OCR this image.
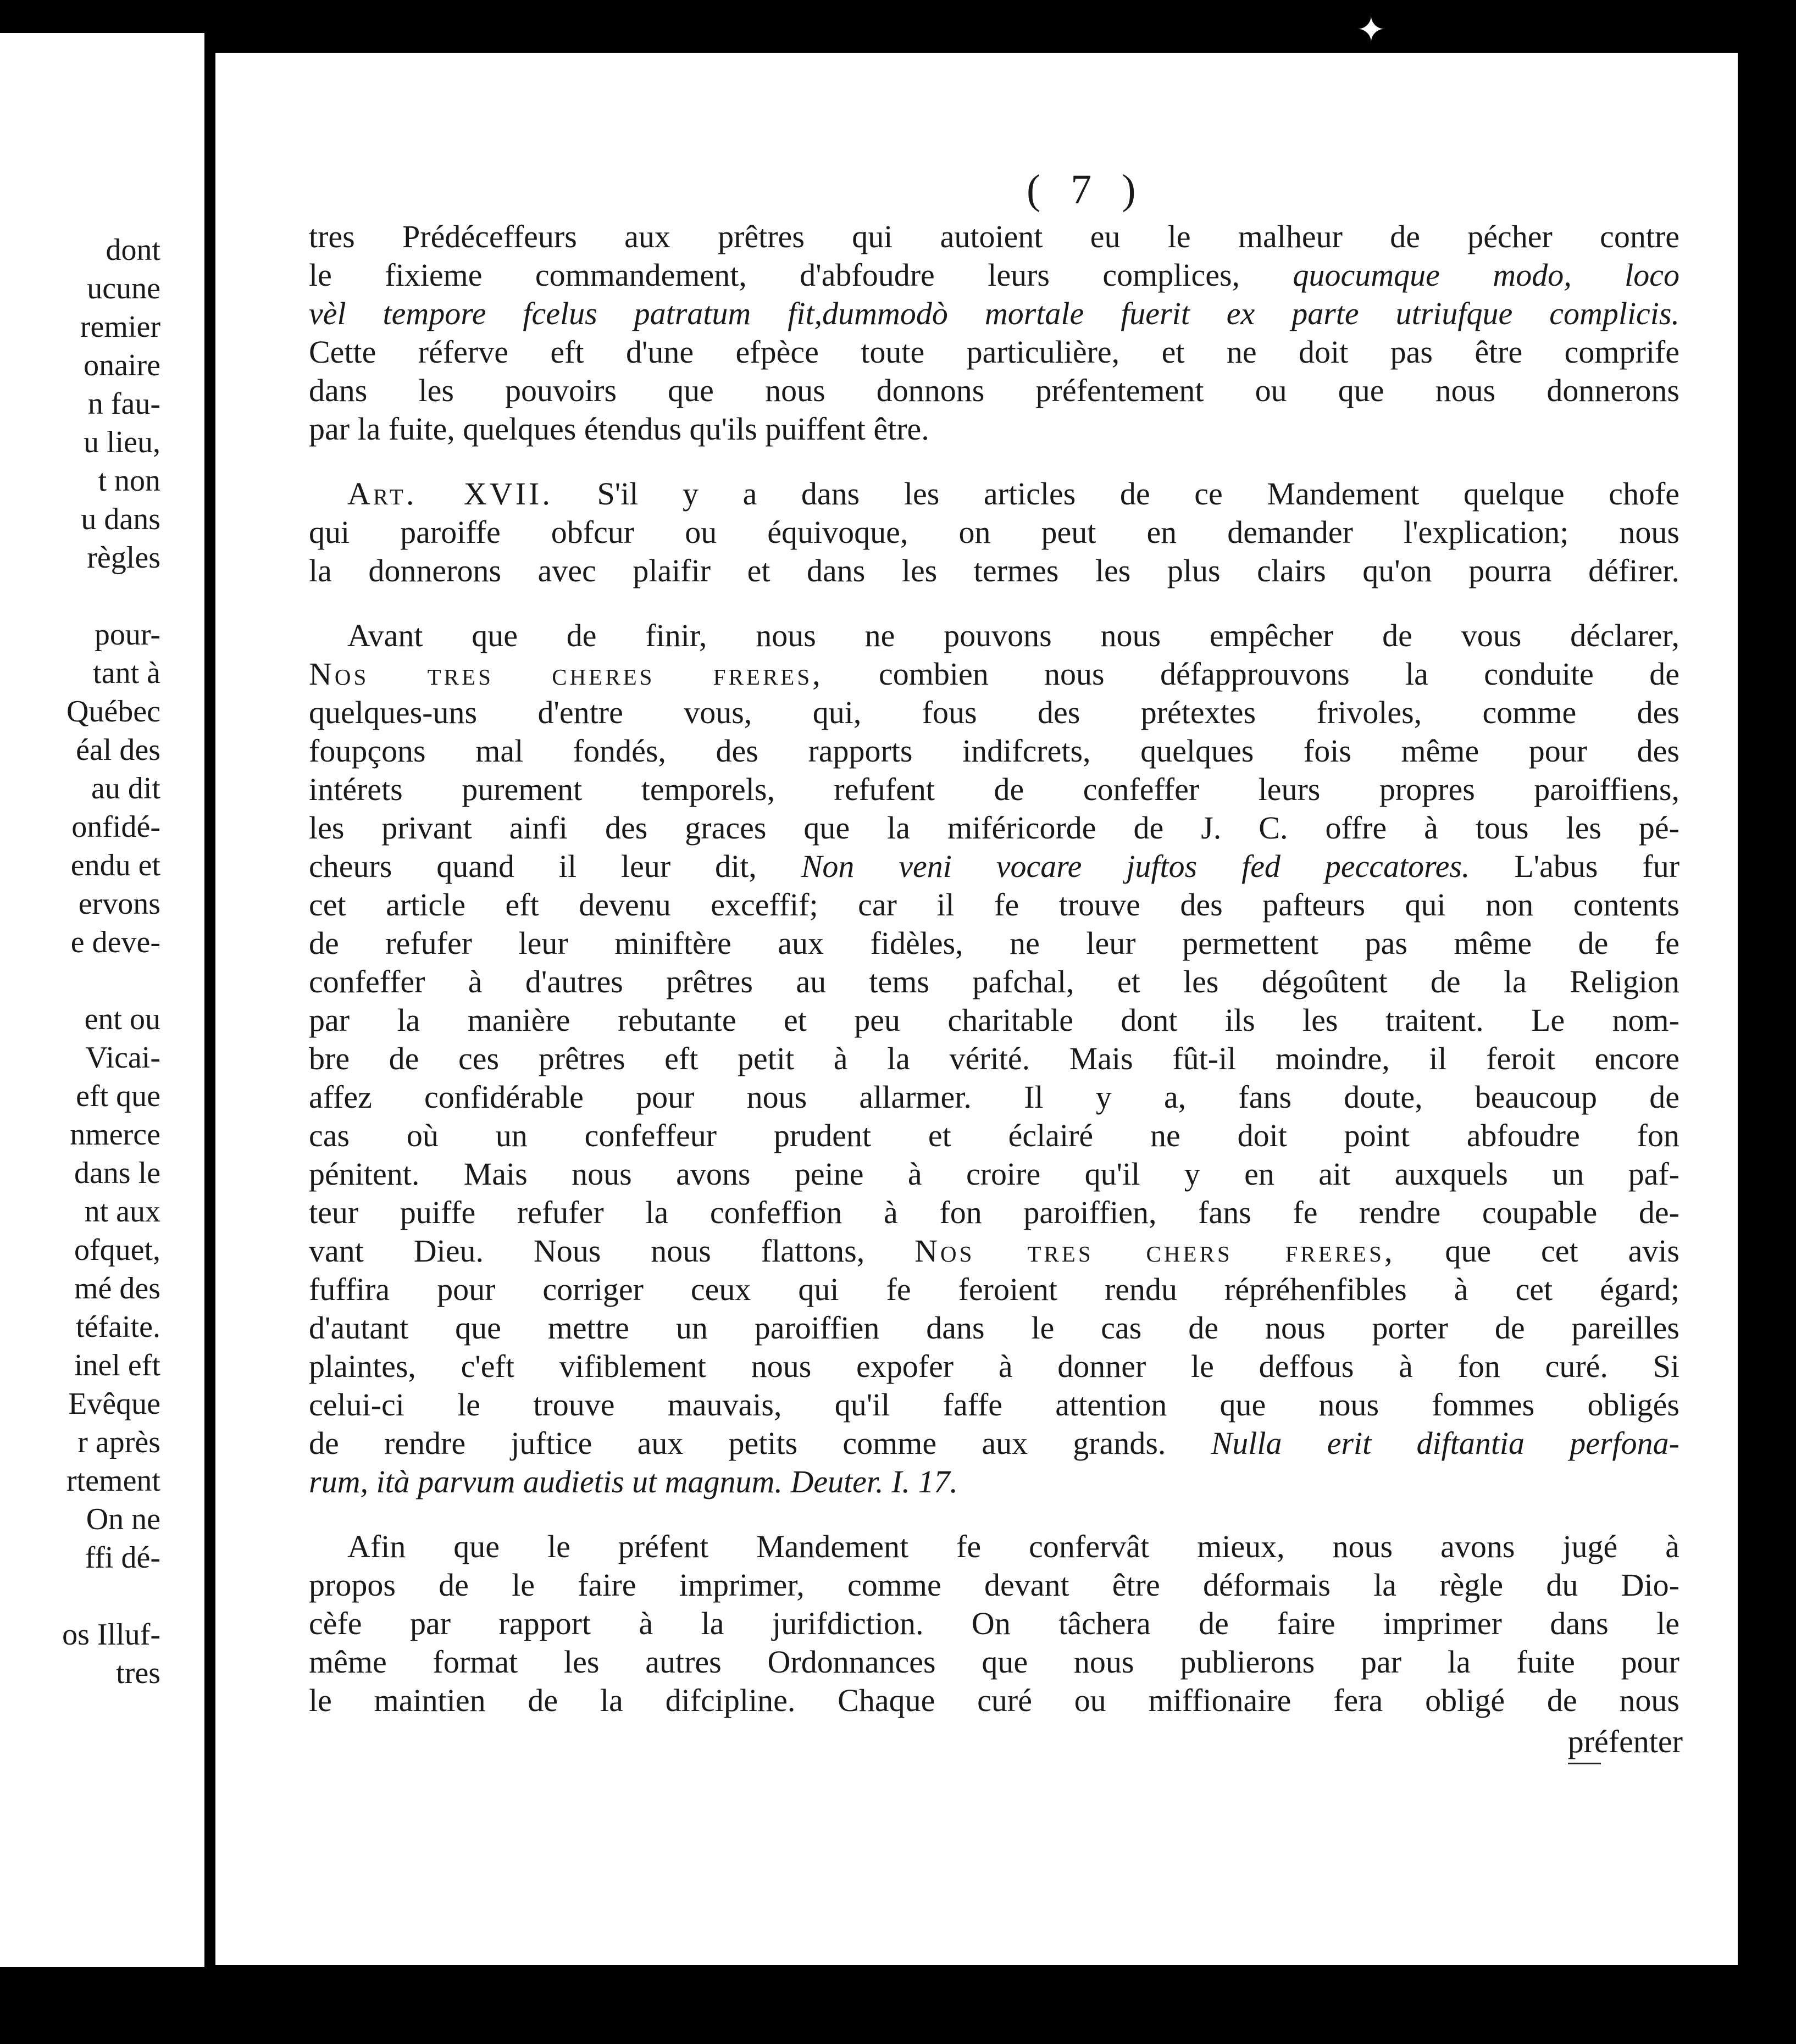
✦
dont
ucune
remier
onaire
n fau-
u lieu,
t non
u dans
règles
pour-
tant à
Québec
éal des
au dit
onfidé-
endu et
ervons
e deve-
ent ou
Vicai-
eft que
nmerce
dans le
nt aux
ofquet,
mé des
téfaite.
inel eft
Evêque
r après
rtement
On ne
ffi dé-
os Illuf-
tres
( 7 )
tres Prédéceffeurs aux prêtres qui autoient eu le malheur de pécher contre
le fixieme commandement, d'abfoudre leurs complices, quocumque modo, loco
vèl tempore fcelus patratum fit,dummodò mortale fuerit ex parte utriufque complicis.
Cette réferve eft d'une efpèce toute particulière, et ne doit pas être comprife
dans les pouvoirs que nous donnons préfentement ou que nous donnerons
par la fuite, quelques étendus qu'ils puiffent être.
Art. XVII. S'il y a dans les articles de ce Mandement quelque chofe
qui paroiffe obfcur ou équivoque, on peut en demander l'explication; nous
la donnerons avec plaifir et dans les termes les plus clairs qu'on pourra défirer.
Avant que de finir, nous ne pouvons nous empêcher de vous déclarer,
Nos tres cheres freres, combien nous défapprouvons la conduite de
quelques-uns d'entre vous, qui, fous des prétextes frivoles, comme des
foupçons mal fondés, des rapports indifcrets, quelques fois même pour des
intérets purement temporels, refufent de confeffer leurs propres paroiffiens,
les privant ainfi des graces que la miféricorde de J. C. offre à tous les pé-
cheurs quand il leur dit, Non veni vocare juftos fed peccatores. L'abus fur
cet article eft devenu exceffif; car il fe trouve des pafteurs qui non contents
de refufer leur miniftère aux fidèles, ne leur permettent pas même de fe
confeffer à d'autres prêtres au tems pafchal, et les dégoûtent de la Religion
par la manière rebutante et peu charitable dont ils les traitent. Le nom-
bre de ces prêtres eft petit à la vérité. Mais fût-il moindre, il feroit encore
affez confidérable pour nous allarmer. Il y a, fans doute, beaucoup de
cas où un confeffeur prudent et éclairé ne doit point abfoudre fon
pénitent. Mais nous avons peine à croire qu'il y en ait auxquels un paf-
teur puiffe refufer la confeffion à fon paroiffien, fans fe rendre coupable de-
vant Dieu. Nous nous flattons, Nos tres chers freres, que cet avis
fuffira pour corriger ceux qui fe feroient rendu répréhenfibles à cet égard;
d'autant que mettre un paroiffien dans le cas de nous porter de pareilles
plaintes, c'eft vifiblement nous expofer à donner le deffous à fon curé. Si
celui-ci le trouve mauvais, qu'il faffe attention que nous fommes obligés
de rendre juftice aux petits comme aux grands. Nulla erit diftantia perfona-
rum, ità parvum audietis ut magnum. Deuter. I. 17.
Afin que le préfent Mandement fe confervât mieux, nous avons jugé à
propos de le faire imprimer, comme devant être déformais la règle du Dio-
cèfe par rapport à la jurifdiction. On tâchera de faire imprimer dans le
même format les autres Ordonnances que nous publierons par la fuite pour
le maintien de la difcipline. Chaque curé ou miffionaire fera obligé de nous
préfenter
